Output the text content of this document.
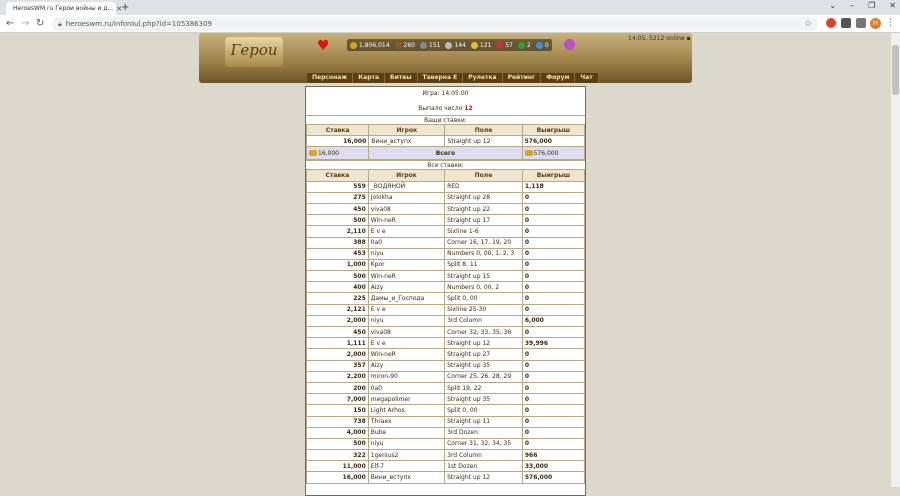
HeroesWM.ru Герои войны и д... ✕
+	⌄ – ❐ ✕
← → ↻ 🔒︎ heroeswm.ru/inforoul.php?id=105386309	☆	M ⋮
Герои	♥	1,806,014 260 151 144 121 57 2 0
Персонаж	Карта	Битвы	Таверна E	Рулетка	Рейтинг	Форум	Чат
14:05, 5212 online ▪
Игра: 14:05:00
Выпало число 12
Ваши ставки:
Ставка	Игрок	Поле	Выигрыш
16,000	Вини_вступх	Straight up 12	576,000
16,000	Всего		576,000
Все ставки:
Ставка	Игрок	Поле	Выигрыш
559	_ВОДЯНОЙ	RED	1,118
275	Jolokha	Straight up 28	0
450	viva08	Straight up 22	0
500	Win-neR	Straight up 17	0
2,110	E v e	Sixline 1-6	0
388	0a0	Corner 16, 17, 19, 20	0
453	niyu	Numbers 0, 00, 1, 2, 3	0
1,000	Kpor	Split 8, 11	0
500	Win-neR	Straight up 15	0
400	Aizy	Numbers 0, 00, 2	0
225	Дамы_и_Господа	Split 0, 00	0
2,121	E v e	Sixline 25-30	0
2,000	niyu	3rd Column	6,000
450	viva08	Corner 32, 33, 35, 36	0
1,111	E v e	Straight up 12	39,996
2,000	Win-neR	Straight up 27	0
357	Aizy	Straight up 35	0
2,200	miron-90	Corner 25, 26, 28, 29	0
200	0a0	Split 19, 22	0
7,000	megapolimer	Straight up 35	0
150	Light Arhos	Split 0, 00	0
738	Thraex	Straight up 11	0
4,000	Bube	3rd Dozen	0
500	niyu	Corner 31, 32, 34, 35	0
322	1genius2	3rd Column	966
11,000	Elf-7	1st Dozen	33,000
16,000	Вини_вступх	Straight up 12	576,000
